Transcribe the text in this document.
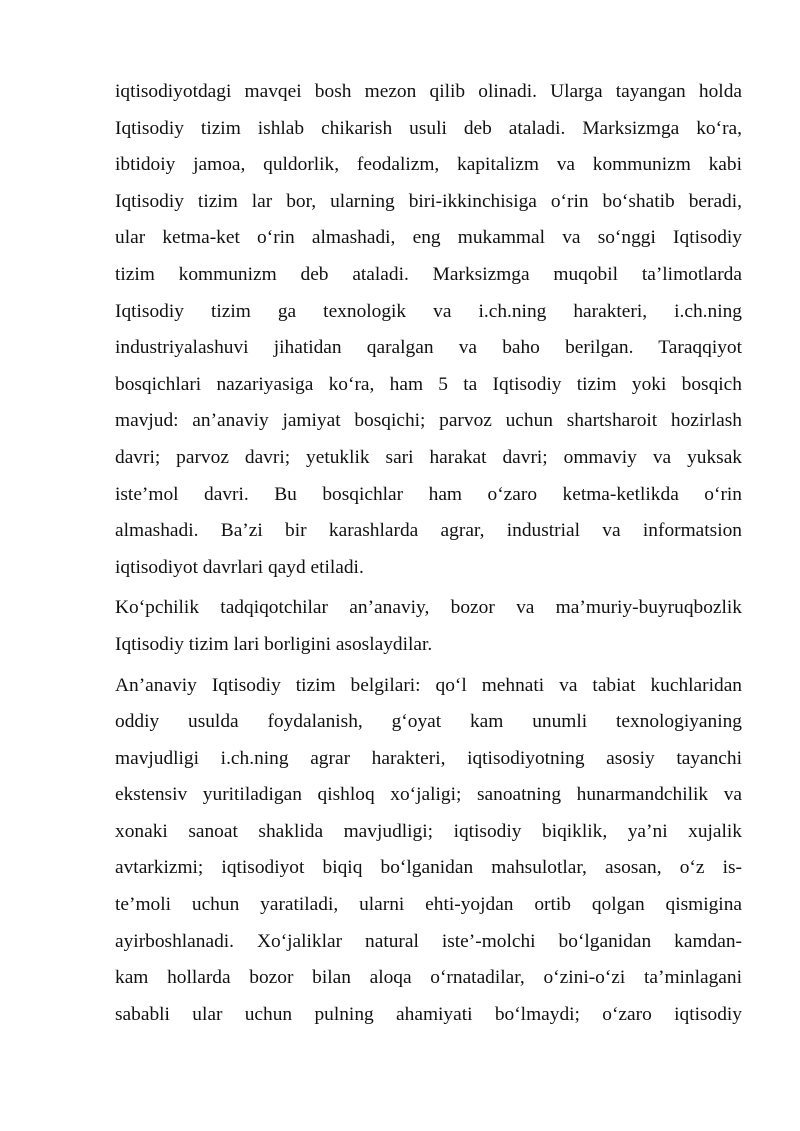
iqtisodiyotdagi mavqei bosh mezon qilib olinadi. Ularga tayangan holda
Iqtisodiy tizim ishlab chikarish usuli deb ataladi. Marksizmga ko‘ra,
ibtidoiy jamoa, quldorlik, feodalizm, kapitalizm va kommunizm kabi
Iqtisodiy tizim lar bor, ularning biri-ikkinchisiga o‘rin bo‘shatib beradi,
ular ketma-ket o‘rin almashadi, eng mukammal va so‘nggi Iqtisodiy
tizim kommunizm deb ataladi. Marksizmga muqobil ta’limotlarda
Iqtisodiy tizim ga texnologik va i.ch.ning harakteri, i.ch.ning
industriyalashuvi jihatidan qaralgan va baho berilgan. Taraqqiyot
bosqichlari nazariyasiga ko‘ra, ham 5 ta Iqtisodiy tizim yoki bosqich
mavjud: an’anaviy jamiyat bosqichi; parvoz uchun shartsharoit hozirlash
davri; parvoz davri; yetuklik sari harakat davri; ommaviy va yuksak
iste’mol davri. Bu bosqichlar ham o‘zaro ketma-ketlikda o‘rin
almashadi. Ba’zi bir karashlarda agrar, industrial va informatsion
iqtisodiyot davrlari qayd etiladi.
Ko‘pchilik tadqiqotchilar an’anaviy, bozor va ma’muriy-buyruqbozlik
Iqtisodiy tizim lari borligini asoslaydilar.
An’anaviy Iqtisodiy tizim belgilari: qo‘l mehnati va tabiat kuchlaridan
oddiy usulda foydalanish, g‘oyat kam unumli texnologiyaning
mavjudligi i.ch.ning agrar harakteri, iqtisodiyotning asosiy tayanchi
ekstensiv yuritiladigan qishloq xo‘jaligi; sanoatning hunarmandchilik va
xonaki sanoat shaklida mavjudligi; iqtisodiy biqiklik, ya’ni xujalik
avtarkizmi; iqtisodiyot biqiq bo‘lganidan mahsulotlar, asosan, o‘z is-
te’moli uchun yaratiladi, ularni ehti-yojdan ortib qolgan qismigina
ayirboshlanadi. Xo‘jaliklar natural iste’-molchi bo‘lganidan kamdan-
kam hollarda bozor bilan aloqa o‘rnatadilar, o‘zini-o‘zi ta’minlagani
sababli ular uchun pulning ahamiyati bo‘lmaydi; o‘zaro iqtisodiy
